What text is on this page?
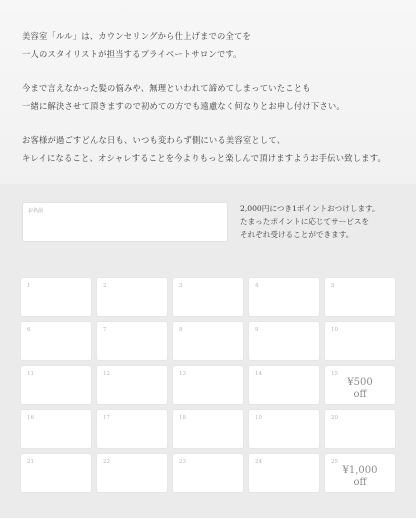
美容室「ルル」は、カウンセリングから仕上げまでの全てを
一人のスタイリストが担当するプライベートサロンです。

今まで言えなかった髪の悩みや、無理といわれて諦めてしまっていたことも
一緒に解決させて頂きますので初めての方でも遠慮なく何なりとお申し付け下さい。

お客様が過ごすどんな日も、いつも変わらず側にいる美容室として、
キレイになること、オシャレすることを今よりもっと楽しんで頂けますようお手伝い致します。

お名前	2,000円につき1ポイントおつけします。
たまったポイントに応じてサービスを
それぞれ受けることができます。

1	2	3	4	5
6	7	8	9	10
11	12	13	14	15
¥500
off
16	17	18	19	20
21	22	23	24	25
¥1,000
off
